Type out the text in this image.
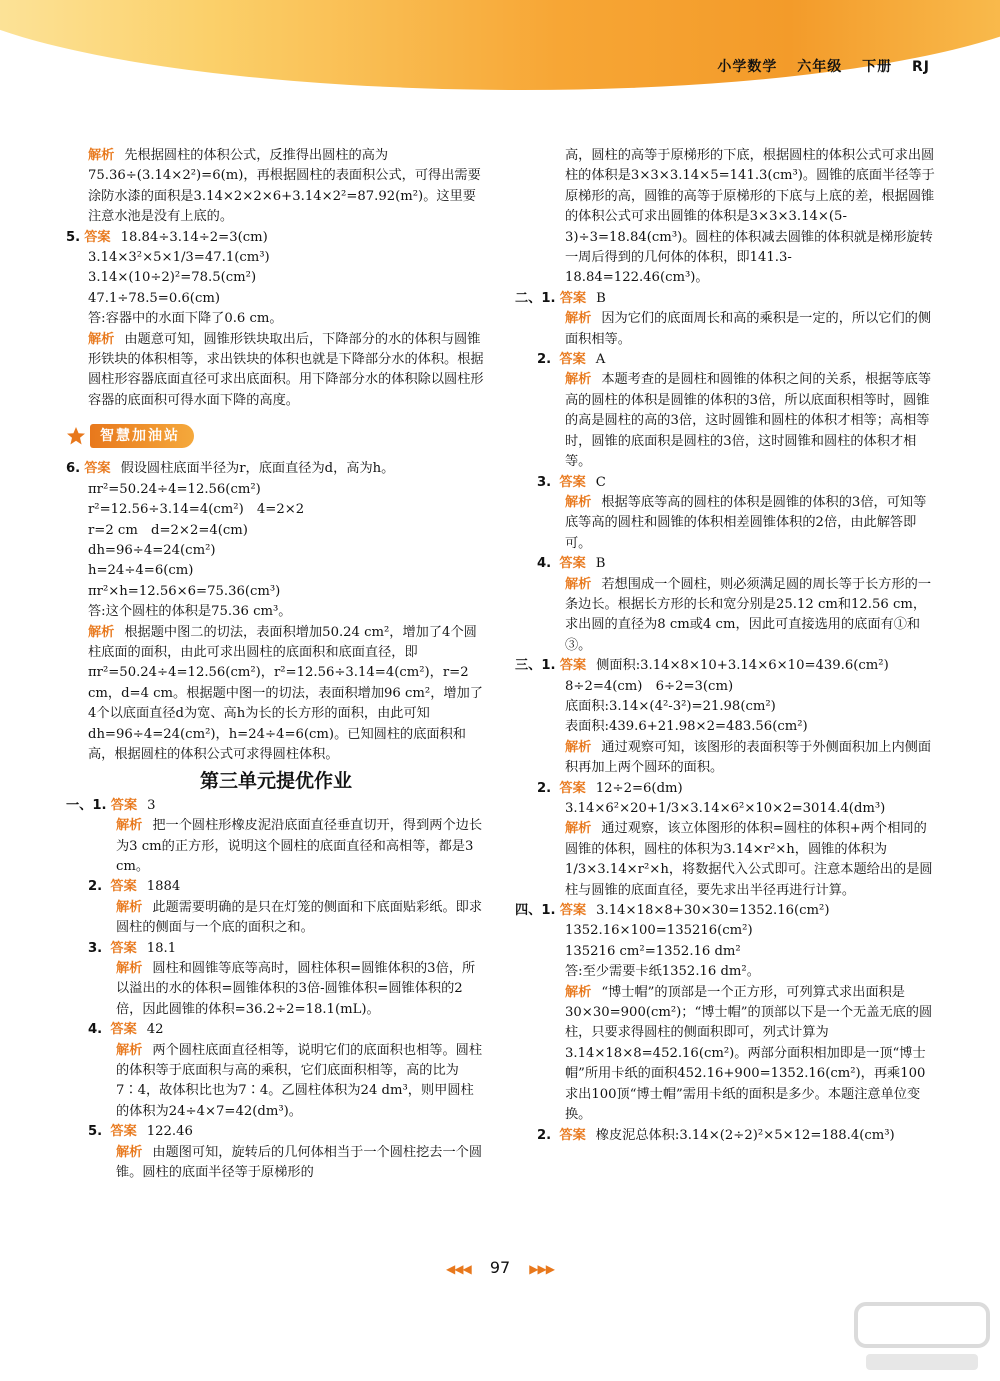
小学数学 六年级 下册 RJ

解析 先根据圆柱的体积公式，反推得出圆柱的高为75.36÷(3.14×2²)=6(m)，再根据圆柱的表面积公式，可得出需要涂防水漆的面积是3.14×2×2×6+3.14×2²=87.92(m²)。这里要注意水池是没有上底的。

5. 答案 18.84÷3.14÷2=3(cm)

3.14×3²×5×1/3=47.1(cm³)

3.14×(10÷2)²=78.5(cm²)

47.1÷78.5=0.6(cm)

答:容器中的水面下降了0.6 cm。

解析 由题意可知，圆锥形铁块取出后，下降部分的水的体积与圆锥形铁块的体积相等，求出铁块的体积也就是下降部分水的体积。根据圆柱形容器底面直径可求出底面积。用下降部分水的体积除以圆柱形容器的底面积可得水面下降的高度。

智慧加油站

6. 答案 假设圆柱底面半径为r，底面直径为d，高为h。

πr²=50.24÷4=12.56(cm²)

r²=12.56÷3.14=4(cm²)　4=2×2

r=2 cm　d=2×2=4(cm)

dh=96÷4=24(cm²)

h=24÷4=6(cm)

πr²×h=12.56×6=75.36(cm³)

答:这个圆柱的体积是75.36 cm³。

解析 根据题中图二的切法，表面积增加50.24 cm²，增加了4个圆柱底面的面积，由此可求出圆柱的底面积和底面直径，即πr²=50.24÷4=12.56(cm²)，r²=12.56÷3.14=4(cm²)，r=2 cm，d=4 cm。根据题中图一的切法，表面积增加96 cm²，增加了4个以底面直径d为宽、高h为长的长方形的面积，由此可知dh=96÷4=24(cm²)，h=24÷4=6(cm)。已知圆柱的底面积和高，根据圆柱的体积公式可求得圆柱体积。

第三单元提优作业

一、1. 答案 3

解析 把一个圆柱形橡皮泥沿底面直径垂直切开，得到两个边长为3 cm的正方形，说明这个圆柱的底面直径和高相等，都是3 cm。

2. 答案 1884

解析 此题需要明确的是只在灯笼的侧面和下底面贴彩纸。即求圆柱的侧面与一个底的面积之和。

3. 答案 18.1

解析 圆柱和圆锥等底等高时，圆柱体积=圆锥体积的3倍，所以溢出的水的体积=圆锥体积的3倍-圆锥体积=圆锥体积的2倍，因此圆锥的体积=36.2÷2=18.1(mL)。

4. 答案 42

解析 两个圆柱底面直径相等，说明它们的底面积也相等。圆柱的体积等于底面积与高的乘积，它们底面积相等，高的比为7∶4，故体积比也为7∶4。乙圆柱体积为24 dm³，则甲圆柱的体积为24÷4×7=42(dm³)。

5. 答案 122.46

解析 由题图可知，旋转后的几何体相当于一个圆柱挖去一个圆锥。圆柱的底面半径等于原梯形的

高，圆柱的高等于原梯形的下底，根据圆柱的体积公式可求出圆柱的体积是3×3×3.14×5=141.3(cm³)。圆锥的底面半径等于原梯形的高，圆锥的高等于原梯形的下底与上底的差，根据圆锥的体积公式可求出圆锥的体积是3×3×3.14×(5-3)÷3=18.84(cm³)。圆柱的体积减去圆锥的体积就是梯形旋转一周后得到的几何体的体积，即141.3-18.84=122.46(cm³)。

二、1. 答案 B

解析 因为它们的底面周长和高的乘积是一定的，所以它们的侧面积相等。

2. 答案 A

解析 本题考查的是圆柱和圆锥的体积之间的关系，根据等底等高的圆柱的体积是圆锥的体积的3倍，所以底面积相等时，圆锥的高是圆柱的高的3倍，这时圆锥和圆柱的体积才相等；高相等时，圆锥的底面积是圆柱的3倍，这时圆锥和圆柱的体积才相等。

3. 答案 C

解析 根据等底等高的圆柱的体积是圆锥的体积的3倍，可知等底等高的圆柱和圆锥的体积相差圆锥体积的2倍，由此解答即可。

4. 答案 B

解析 若想围成一个圆柱，则必须满足圆的周长等于长方形的一条边长。根据长方形的长和宽分别是25.12 cm和12.56 cm，求出圆的直径为8 cm或4 cm，因此可直接选用的底面有①和③。

三、1. 答案 侧面积:3.14×8×10+3.14×6×10=439.6(cm²)

8÷2=4(cm)　6÷2=3(cm)

底面积:3.14×(4²-3²)=21.98(cm²)

表面积:439.6+21.98×2=483.56(cm²)

解析 通过观察可知，该图形的表面积等于外侧面积加上内侧面积再加上两个圆环的面积。

2. 答案 12÷2=6(dm)

3.14×6²×20+1/3×3.14×6²×10×2=3014.4(dm³)

解析 通过观察，该立体图形的体积=圆柱的体积+两个相同的圆锥的体积，圆柱的体积为3.14×r²×h，圆锥的体积为1/3×3.14×r²×h，将数据代入公式即可。注意本题给出的是圆柱与圆锥的底面直径，要先求出半径再进行计算。

四、1. 答案 3.14×18×8+30×30=1352.16(cm²)

1352.16×100=135216(cm²)

135216 cm²=1352.16 dm²

答:至少需要卡纸1352.16 dm²。

解析 “博士帽”的顶部是一个正方形，可列算式求出面积是30×30=900(cm²)；“博士帽”的顶部以下是一个无盖无底的圆柱，只要求得圆柱的侧面积即可，列式计算为3.14×18×8=452.16(cm²)。两部分面积相加即是一顶“博士帽”所用卡纸的面积452.16+900=1352.16(cm²)，再乘100求出100顶“博士帽”需用卡纸的面积是多少。本题注意单位变换。

2. 答案 橡皮泥总体积:3.14×(2÷2)²×5×12=188.4(cm³)

◀◀◀ 97 ▶▶▶
